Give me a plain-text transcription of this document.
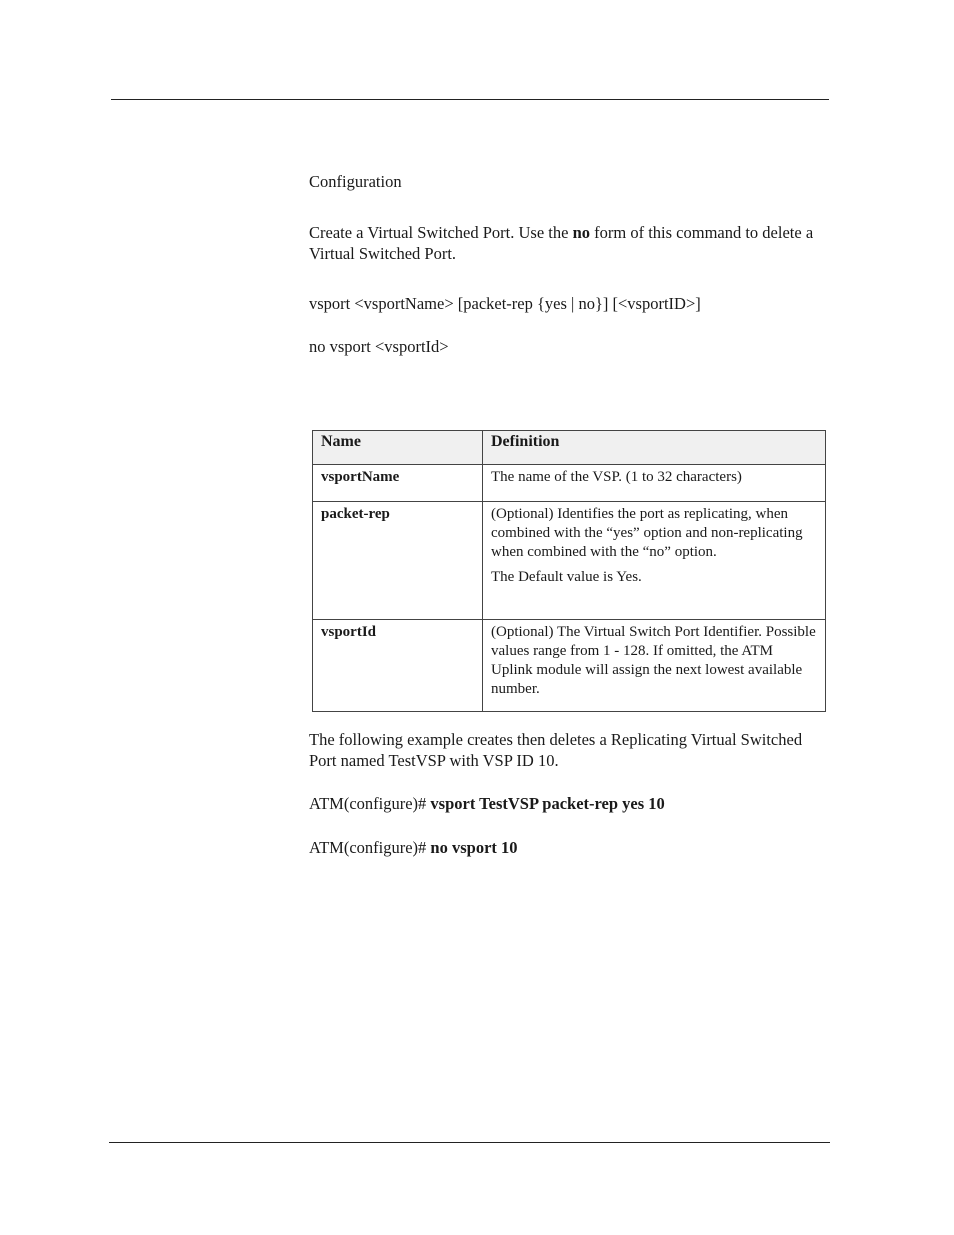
Configuration

Create a Virtual Switched Port. Use the no form of this command to delete a Virtual Switched Port.

vsport <vsportName> [packet-rep {yes | no}] [<vsportID>]

no vsport <vsportId>

Name	Definition
vsportName	The name of the VSP. (1 to 32 characters)
packet-rep	(Optional) Identifies the port as replicating, when combined with the “yes” option and non-replicating when combined with the “no” option.
The Default value is Yes.

vsportId	(Optional) The Virtual Switch Port Identifier. Possible values range from 1 - 128. If omitted, the ATM Uplink module will assign the next lowest available number.

The following example creates then deletes a Replicating Virtual Switched Port named TestVSP with VSP ID 10.

ATM(configure)# vsport TestVSP packet-rep yes 10

ATM(configure)# no vsport 10
